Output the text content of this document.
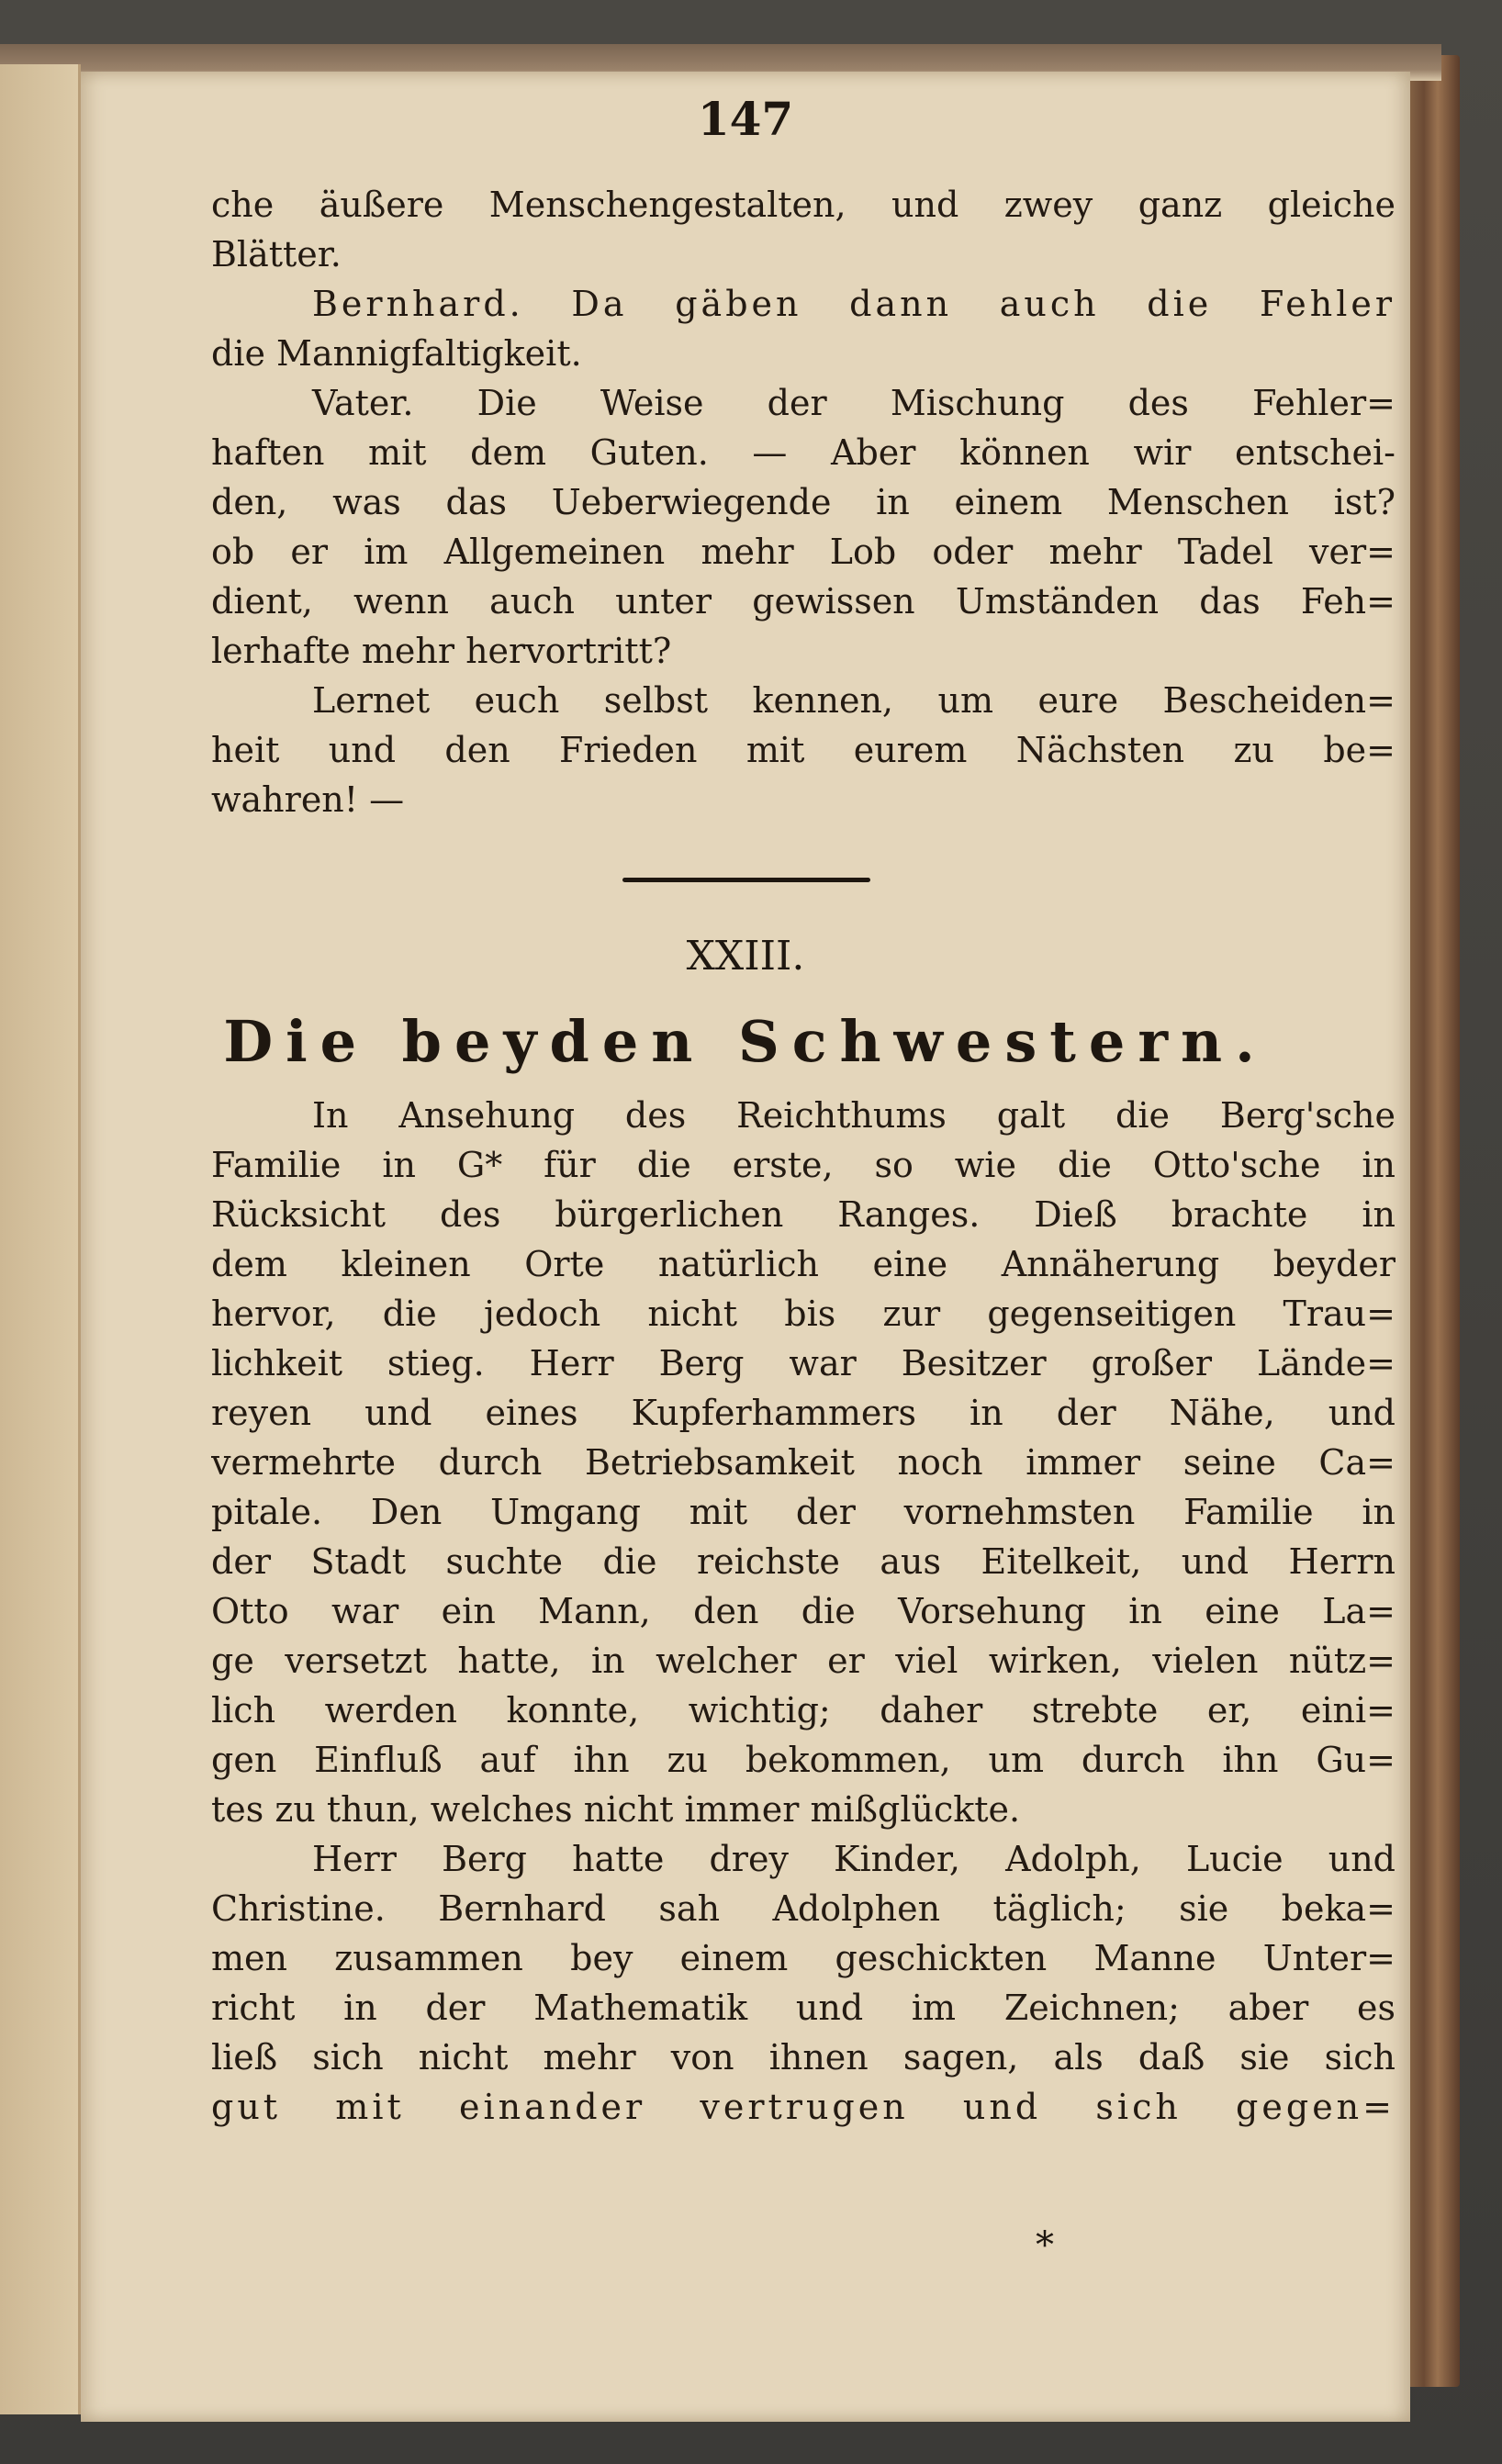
147
che äußere Menschengestalten, und zwey ganz gleiche
Blätter.
Bernhard. Da gäben dann auch die Fehler
die Mannigfaltigkeit.
Vater. Die Weise der Mischung des Fehler=
haften mit dem Guten. — Aber können wir entschei-
den, was das Ueberwiegende in einem Menschen ist?
ob er im Allgemeinen mehr Lob oder mehr Tadel ver=
dient, wenn auch unter gewissen Umständen das Feh=
lerhafte mehr hervortritt?
Lernet euch selbst kennen, um eure Bescheiden=
heit und den Frieden mit eurem Nächsten zu be=
wahren! —
XXIII.
Die beyden Schwestern.
In Ansehung des Reichthums galt die Berg'sche
Familie in G* für die erste, so wie die Otto'sche in
Rücksicht des bürgerlichen Ranges. Dieß brachte in
dem kleinen Orte natürlich eine Annäherung beyder
hervor, die jedoch nicht bis zur gegenseitigen Trau=
lichkeit stieg. Herr Berg war Besitzer großer Lände=
reyen und eines Kupferhammers in der Nähe, und
vermehrte durch Betriebsamkeit noch immer seine Ca=
pitale. Den Umgang mit der vornehmsten Familie in
der Stadt suchte die reichste aus Eitelkeit, und Herrn
Otto war ein Mann, den die Vorsehung in eine La=
ge versetzt hatte, in welcher er viel wirken, vielen nütz=
lich werden konnte, wichtig; daher strebte er, eini=
gen Einfluß auf ihn zu bekommen, um durch ihn Gu=
tes zu thun, welches nicht immer mißglückte.
Herr Berg hatte drey Kinder, Adolph, Lucie und
Christine. Bernhard sah Adolphen täglich; sie beka=
men zusammen bey einem geschickten Manne Unter=
richt in der Mathematik und im Zeichnen; aber es
ließ sich nicht mehr von ihnen sagen, als daß sie sich
gut mit einander vertrugen und sich gegen=
*
